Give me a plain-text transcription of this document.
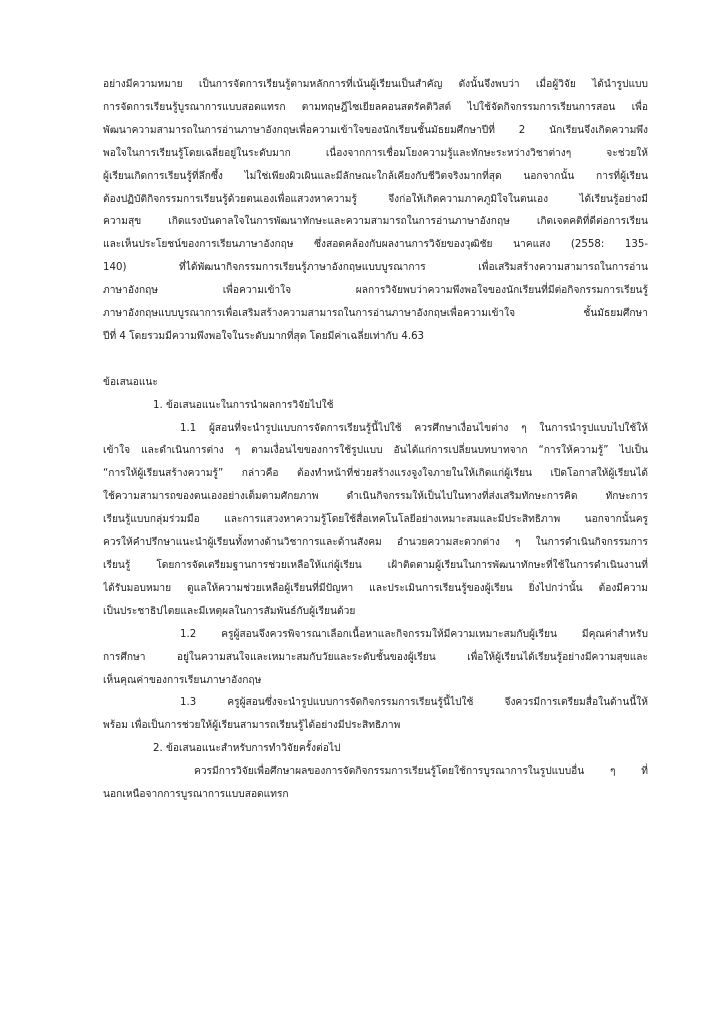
อย่างมีความหมาย เป็นการจัดการเรียนรู้ตามหลักการที่เน้นผู้เรียนเป็นสำคัญ ดังนั้นจึงพบว่า เมื่อผู้วิจัย ได้นำรูปแบบ
การจัดการเรียนรู้บูรณาการแบบสอดแทรก ตามทฤษฎีไซเยียลคอนสตรัคติวิสต์ ไปใช้จัดกิจกรรมการเรียนการสอน เพื่อ
พัฒนาความสามารถในการอ่านภาษาอังกฤษเพื่อความเข้าใจของนักเรียนชั้นมัธยมศึกษาปีที่ 2 นักเรียนจึงเกิดความพึง
พอใจในการเรียนรู้โดยเฉลี่ยอยู่ในระดับมาก เนื่องจากการเชื่อมโยงความรู้และทักษะระหว่างวิชาต่างๆ จะช่วยให้
ผู้เรียนเกิดการเรียนรู้ที่ลึกซึ้ง ไม่ใช่เพียงผิวเผินและมีลักษณะใกล้เคียงกับชีวิตจริงมากที่สุด นอกจากนั้น การที่ผู้เรียน
ต้องปฏิบัติกิจกรรมการเรียนรู้ด้วยตนเองเพื่อแสวงหาความรู้ จึงก่อให้เกิดความภาคภูมิใจในตนเอง ได้เรียนรู้อย่างมี
ความสุข เกิดแรงบันดาลใจในการพัฒนาทักษะและความสามารถในการอ่านภาษาอังกฤษ เกิดเจตคติที่ดีต่อการเรียน
และเห็นประโยชน์ของการเรียนภาษาอังกฤษ ซึ่งสอดคล้องกับผลงานการวิจัยของวุฒิชัย นาคแสง (2558: 135-
140) ที่ได้พัฒนากิจกรรมการเรียนรู้ภาษาอังกฤษแบบบูรณาการ เพื่อเสริมสร้างความสามารถในการอ่าน
ภาษาอังกฤษ เพื่อความเข้าใจ ผลการวิจัยพบว่าความพึงพอใจของนักเรียนที่มีต่อกิจกรรมการเรียนรู้
ภาษาอังกฤษแบบบูรณาการเพื่อเสริมสร้างความสามารถในการอ่านภาษาอังกฤษเพื่อความเข้าใจ ชั้นมัธยมศึกษา
ปีที่ 4 โดยรวมมีความพึงพอใจในระดับมากที่สุด โดยมีค่าเฉลี่ยเท่ากับ 4.63
ข้อเสนอแนะ
1. ข้อเสนอแนะในการนำผลการวิจัยไปใช้
1.1 ผู้สอนที่จะนำรูปแบบการจัดการเรียนรู้นี้ไปใช้ ควรศึกษาเงื่อนไขต่าง ๆ ในการนำรูปแบบไปใช้ให้
เข้าใจ และดำเนินการต่าง ๆ ตามเงื่อนไขของการใช้รูปแบบ อันได้แก่การเปลี่ยนบทบาทจาก “การให้ความรู้” ไปเป็น
“การให้ผู้เรียนสร้างความรู้” กล่าวคือ ต้องทำหน้าที่ช่วยสร้างแรงจูงใจภายในให้เกิดแก่ผู้เรียน เปิดโอกาสให้ผู้เรียนได้
ใช้ความสามารถของตนเองอย่างเต็มตามศักยภาพ ดำเนินกิจกรรมให้เป็นไปในทางที่ส่งเสริมทักษะการคิด ทักษะการ
เรียนรู้แบบกลุ่มร่วมมือ และการแสวงหาความรู้โดยใช้สื่อเทคโนโลยีอย่างเหมาะสมและมีประสิทธิภาพ นอกจากนั้นครู
ควรให้คำปรึกษาแนะนำผู้เรียนทั้งทางด้านวิชาการและด้านสังคม อำนวยความสะดวกต่าง ๆ ในการดำเนินกิจกรรมการ
เรียนรู้ โดยการจัดเตรียมฐานการช่วยเหลือให้แก่ผู้เรียน เฝ้าติดตามผู้เรียนในการพัฒนาทักษะที่ใช้ในการดำเนินงานที่
ได้รับมอบหมาย ดูแลให้ความช่วยเหลือผู้เรียนที่มีปัญหา และประเมินการเรียนรู้ของผู้เรียน ยิ่งไปกว่านั้น ต้องมีความ
เป็นประชาธิปไตยและมีเหตุผลในการสัมพันธ์กับผู้เรียนด้วย
1.2 ครูผู้สอนจึงควรพิจารณาเลือกเนื้อหาและกิจกรรมให้มีความเหมาะสมกับผู้เรียน มีคุณค่าสำหรับ
การศึกษา อยู่ในความสนใจและเหมาะสมกับวัยและระดับชั้นของผู้เรียน เพื่อให้ผู้เรียนได้เรียนรู้อย่างมีความสุขและ
เห็นคุณค่าของการเรียนภาษาอังกฤษ
1.3 ครูผู้สอนซึ่งจะนำรูปแบบการจัดกิจกรรมการเรียนรู้นี้ไปใช้ จึงควรมีการเตรียมสื่อในด้านนี้ให้
พร้อม เพื่อเป็นการช่วยให้ผู้เรียนสามารถเรียนรู้ได้อย่างมีประสิทธิภาพ
2. ข้อเสนอแนะสำหรับการทำวิจัยครั้งต่อไป
ควรมีการวิจัยเพื่อศึกษาผลของการจัดกิจกรรมการเรียนรู้โดยใช้การบูรณาการในรูปแบบอื่น ๆ ที่
นอกเหนือจากการบูรณาการแบบสอดแทรก
